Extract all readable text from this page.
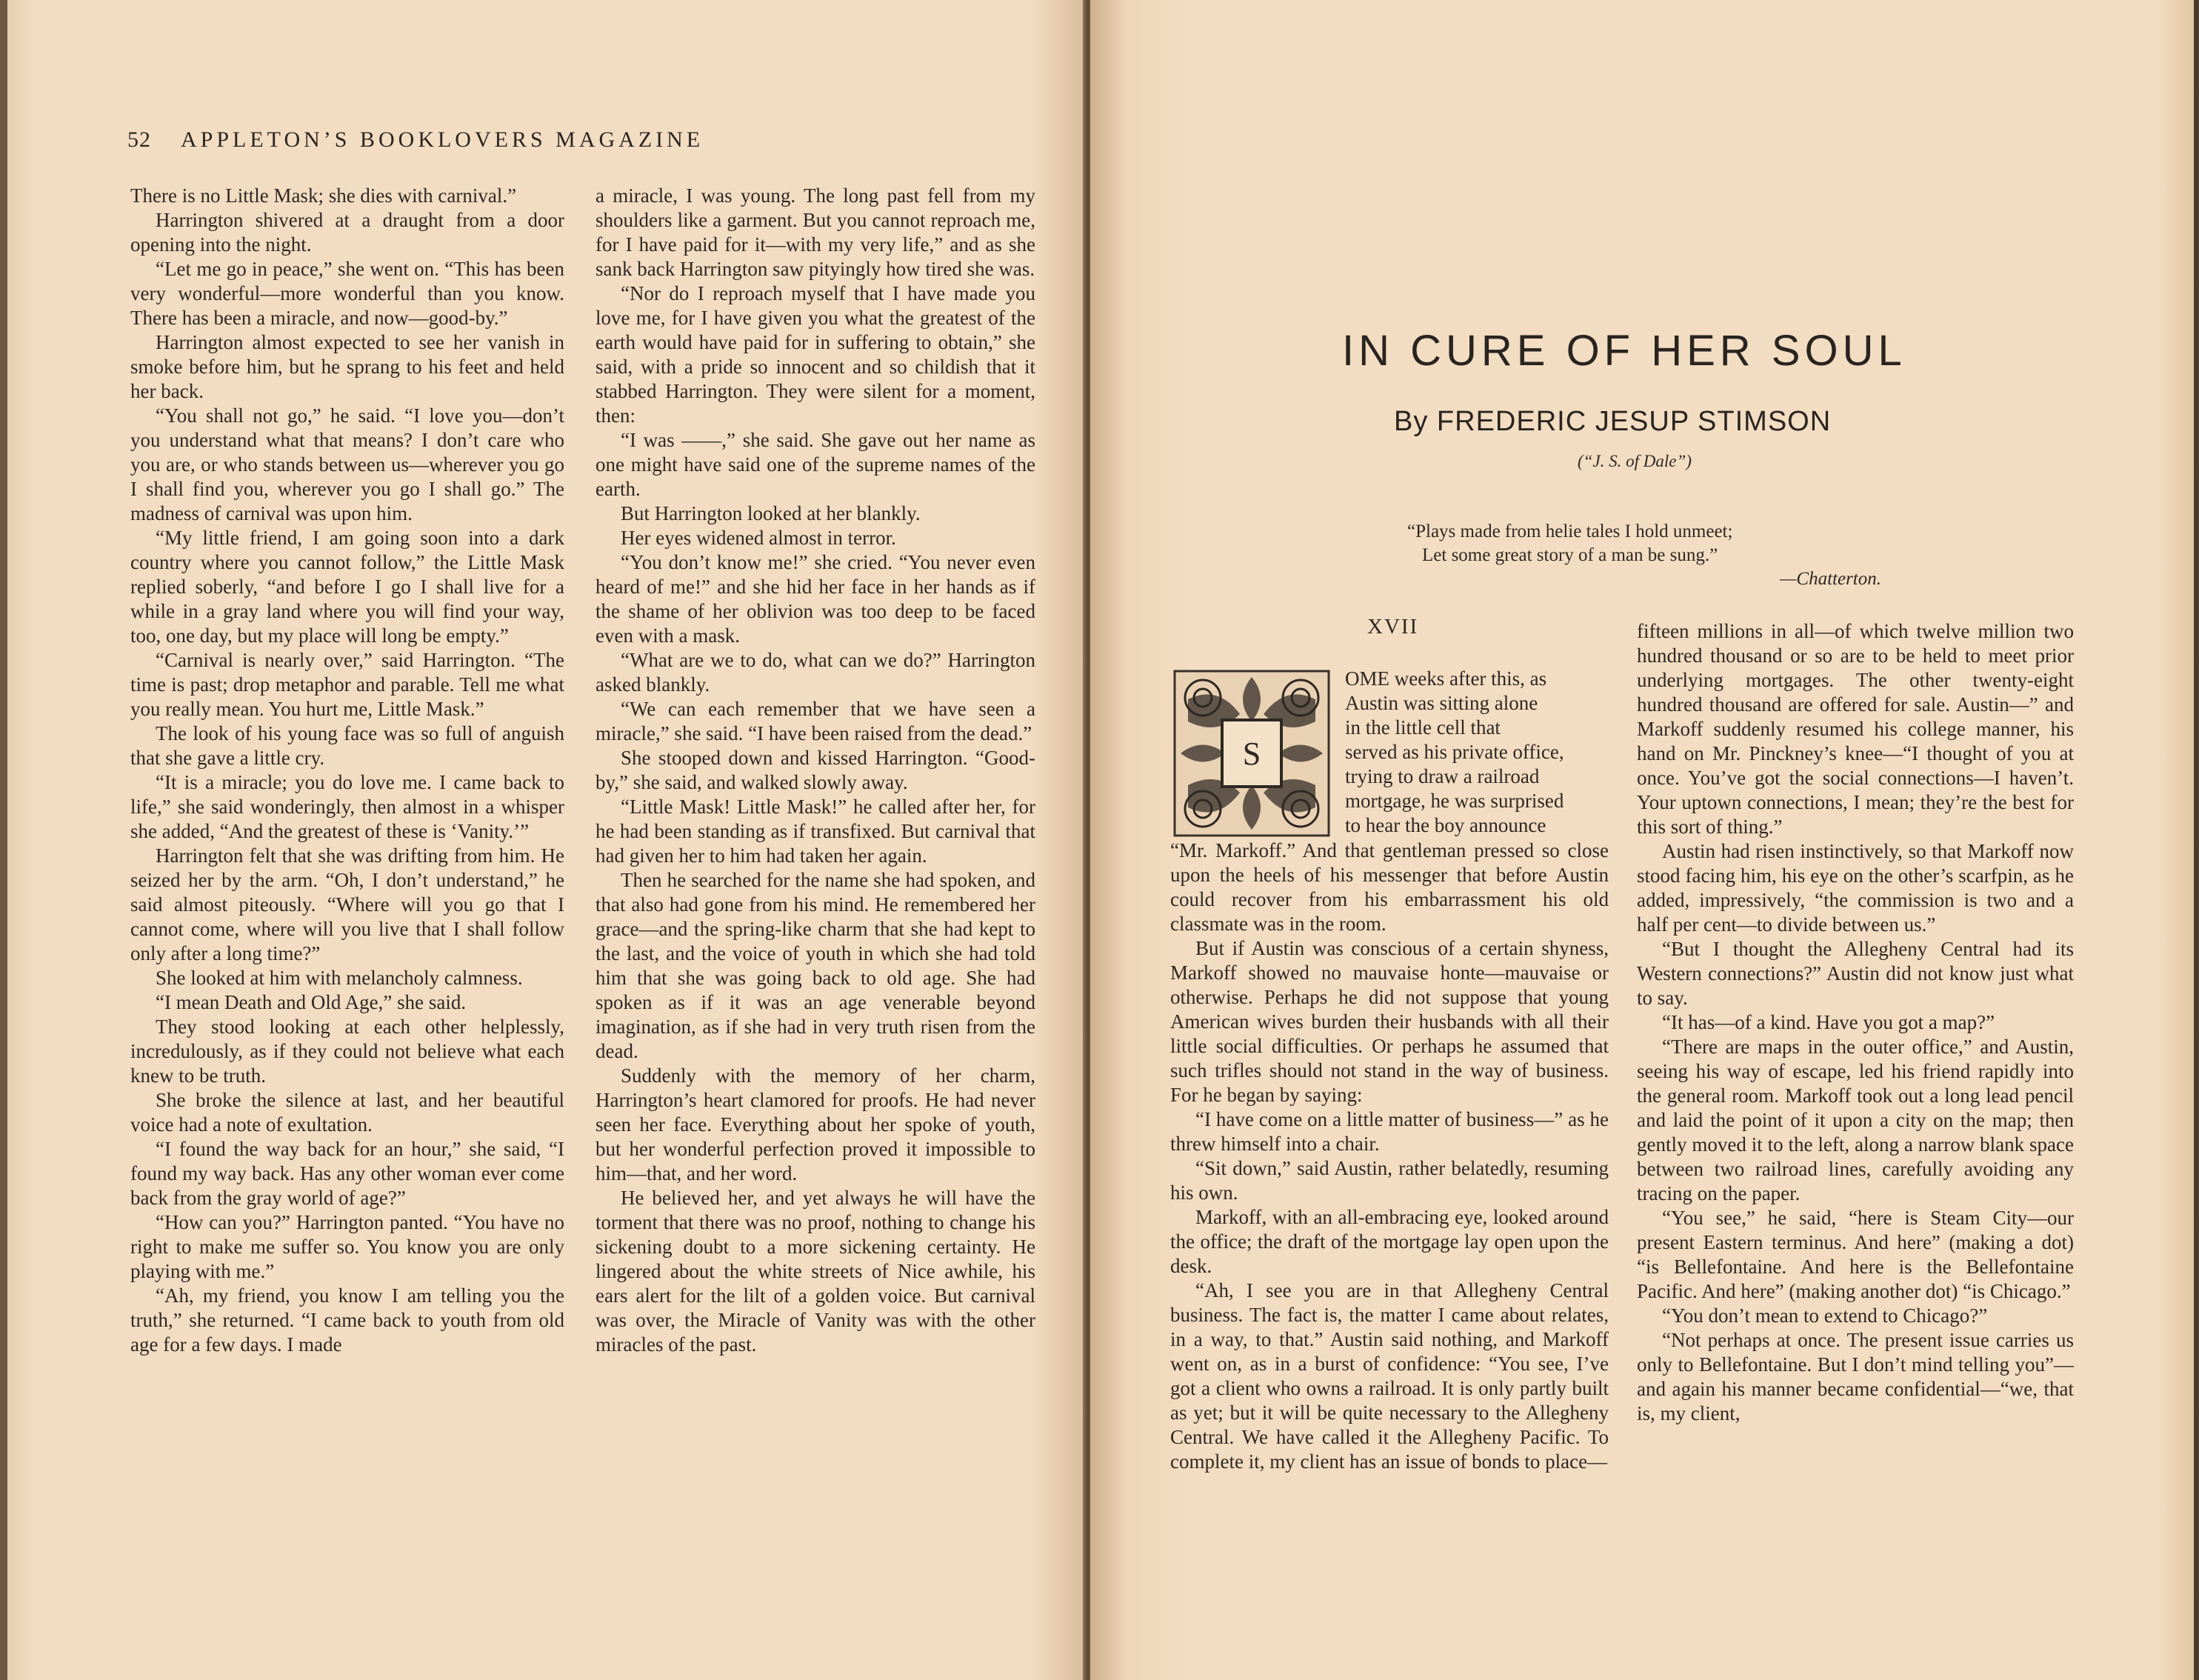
52 APPLETON’S BOOKLOVERS MAGAZINE

There is no Little Mask; she dies with carnival.”

Harrington shivered at a draught from a door opening into the night.

“Let me go in peace,” she went on. “This has been very wonderful—more wonderful than you know. There has been a miracle, and now—good-by.”

Harrington almost expected to see her vanish in smoke before him, but he sprang to his feet and held her back.

“You shall not go,” he said. “I love you—don’t you understand what that means? I don’t care who you are, or who stands between us—wherever you go I shall find you, wherever you go I shall go.” The madness of carnival was upon him.

“My little friend, I am going soon into a dark country where you cannot follow,” the Little Mask replied soberly, “and before I go I shall live for a while in a gray land where you will find your way, too, one day, but my place will long be empty.”

“Carnival is nearly over,” said Harrington. “The time is past; drop metaphor and parable. Tell me what you really mean. You hurt me, Little Mask.”

The look of his young face was so full of anguish that she gave a little cry.

“It is a miracle; you do love me. I came back to life,” she said wonderingly, then almost in a whisper she added, “And the greatest of these is ‘Vanity.’”

Harrington felt that she was drifting from him. He seized her by the arm. “Oh, I don’t understand,” he said almost piteously. “Where will you go that I cannot come, where will you live that I shall follow only after a long time?”

She looked at him with melancholy calmness.

“I mean Death and Old Age,” she said.

They stood looking at each other helplessly, incredulously, as if they could not believe what each knew to be truth.

She broke the silence at last, and her beautiful voice had a note of exultation.

“I found the way back for an hour,” she said, “I found my way back. Has any other woman ever come back from the gray world of age?”

“How can you?” Harrington panted. “You have no right to make me suffer so. You know you are only playing with me.”

“Ah, my friend, you know I am telling you the truth,” she returned. “I came back to youth from old age for a few days. I made

a miracle, I was young. The long past fell from my shoulders like a garment. But you cannot reproach me, for I have paid for it—with my very life,” and as she sank back Harrington saw pityingly how tired she was.

“Nor do I reproach myself that I have made you love me, for I have given you what the greatest of the earth would have paid for in suffering to obtain,” she said, with a pride so innocent and so childish that it stabbed Harrington. They were silent for a moment, then:

“I was ——,” she said. She gave out her name as one might have said one of the supreme names of the earth.

But Harrington looked at her blankly.

Her eyes widened almost in terror.

“You don’t know me!” she cried. “You never even heard of me!” and she hid her face in her hands as if the shame of her oblivion was too deep to be faced even with a mask.

“What are we to do, what can we do?” Harrington asked blankly.

“We can each remember that we have seen a miracle,” she said. “I have been raised from the dead.”

She stooped down and kissed Harrington. “Good-by,” she said, and walked slowly away.

“Little Mask! Little Mask!” he called after her, for he had been standing as if transfixed. But carnival that had given her to him had taken her again.

Then he searched for the name she had spoken, and that also had gone from his mind. He remembered her grace—and the spring-like charm that she had kept to the last, and the voice of youth in which she had told him that she was going back to old age. She had spoken as if it was an age venerable beyond imagination, as if she had in very truth risen from the dead.

Suddenly with the memory of her charm, Harrington’s heart clamored for proofs. He had never seen her face. Everything about her spoke of youth, but her wonderful perfection proved it impossible to him—that, and her word.

He believed her, and yet always he will have the torment that there was no proof, nothing to change his sickening doubt to a more sickening certainty. He lingered about the white streets of Nice awhile, his ears alert for the lilt of a golden voice. But carnival was over, the Miracle of Vanity was with the other miracles of the past.

IN CURE OF HER SOUL
By FREDERIC JESUP STIMSON
(“J. S. of Dale”)
“Plays made from helie tales I hold unmeet;
Let some great story of a man be sung.”
—Chatterton.
XVII
S
OME weeks after this, as
Austin was sitting alone
in the little cell that
served as his private office,
trying to draw a railroad
mortgage, he was surprised
to hear the boy announce

“Mr. Markoff.” And that gentleman pressed so close upon the heels of his messenger that before Austin could recover from his embarrassment his old classmate was in the room.

But if Austin was conscious of a certain shyness, Markoff showed no mauvaise honte—mauvaise or otherwise. Perhaps he did not suppose that young American wives burden their husbands with all their little social difficulties. Or perhaps he assumed that such trifles should not stand in the way of business. For he began by saying:

“I have come on a little matter of business—” as he threw himself into a chair.

“Sit down,” said Austin, rather belatedly, resuming his own.

Markoff, with an all-embracing eye, looked around the office; the draft of the mortgage lay open upon the desk.

“Ah, I see you are in that Allegheny Central business. The fact is, the matter I came about relates, in a way, to that.” Austin said nothing, and Markoff went on, as in a burst of confidence: “You see, I’ve got a client who owns a railroad. It is only partly built as yet; but it will be quite necessary to the Allegheny Central. We have called it the Allegheny Pacific. To complete it, my client has an issue of bonds to place—

fifteen millions in all—of which twelve million two hundred thousand or so are to be held to meet prior underlying mortgages. The other twenty-eight hundred thousand are offered for sale. Austin—” and Markoff suddenly resumed his college manner, his hand on Mr. Pinckney’s knee—“I thought of you at once. You’ve got the social connections—I haven’t. Your uptown connections, I mean; they’re the best for this sort of thing.”

Austin had risen instinctively, so that Markoff now stood facing him, his eye on the other’s scarfpin, as he added, impressively, “the commission is two and a half per cent—to divide between us.”

“But I thought the Allegheny Central had its Western connections?” Austin did not know just what to say.

“It has—of a kind. Have you got a map?”

“There are maps in the outer office,” and Austin, seeing his way of escape, led his friend rapidly into the general room. Markoff took out a long lead pencil and laid the point of it upon a city on the map; then gently moved it to the left, along a narrow blank space between two railroad lines, carefully avoiding any tracing on the paper.

“You see,” he said, “here is Steam City—our present Eastern terminus. And here” (making a dot) “is Bellefontaine. And here is the Bellefontaine Pacific. And here” (making another dot) “is Chicago.”

“You don’t mean to extend to Chicago?”

“Not perhaps at once. The present issue carries us only to Bellefontaine. But I don’t mind telling you”—and again his manner became confidential—“we, that is, my client,
